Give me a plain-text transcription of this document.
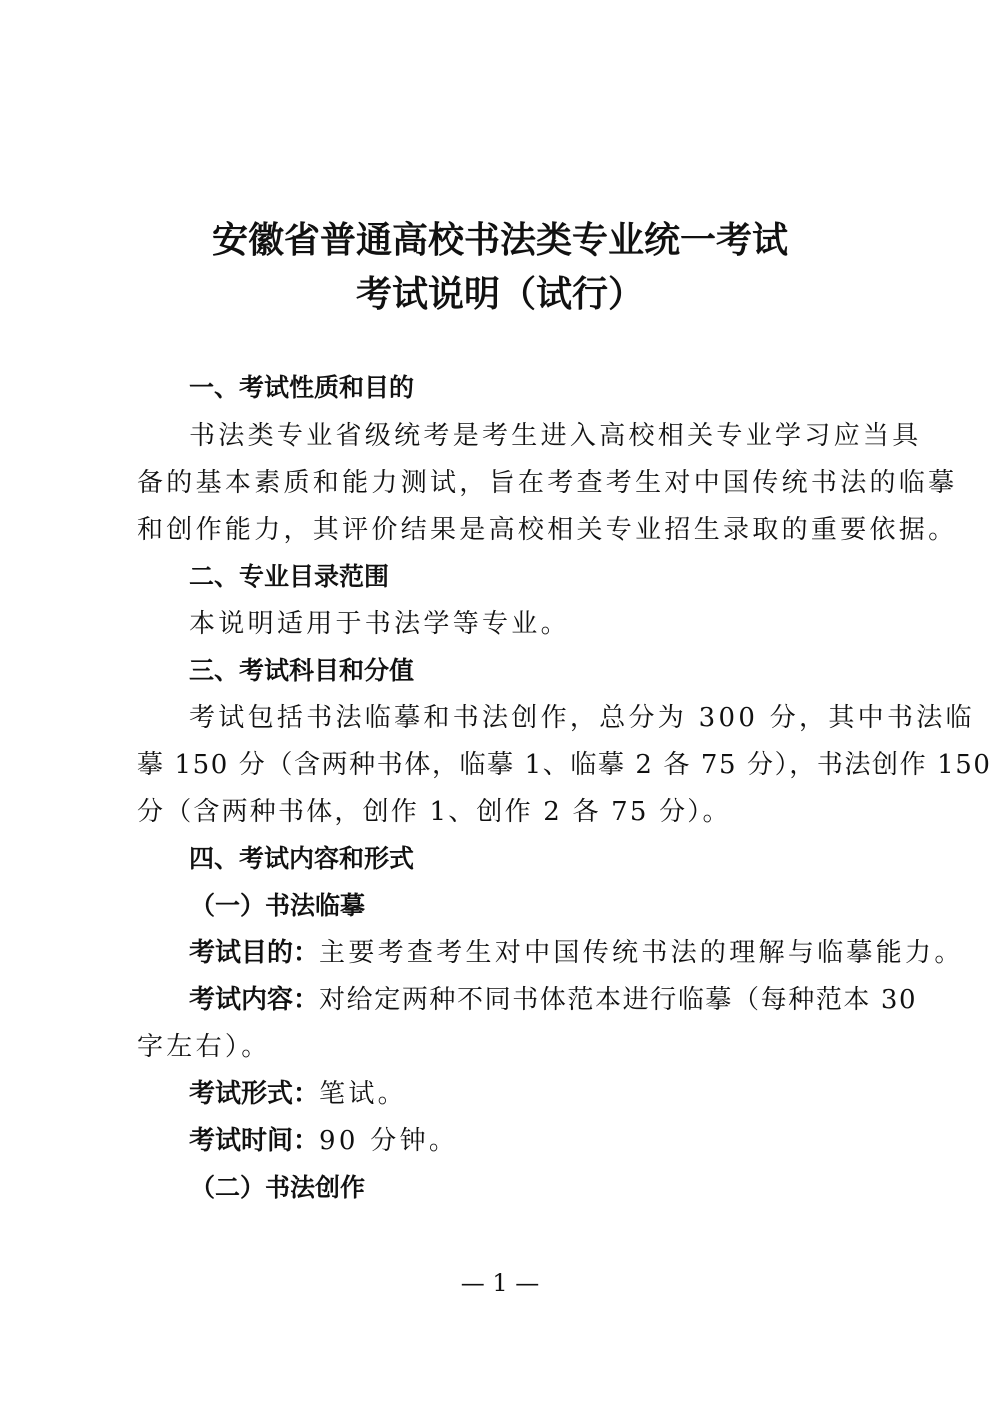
安徽省普通高校书法类专业统一考试
考试说明（试行）

一、考试性质和目的

书法类专业省级统考是考生进入高校相关专业学习应当具

备的基本素质和能力测试，旨在考查考生对中国传统书法的临摹

和创作能力，其评价结果是高校相关专业招生录取的重要依据。

二、专业目录范围

本说明适用于书法学等专业。

三、考试科目和分值

考试包括书法临摹和书法创作，总分为 300 分，其中书法临

摹 150 分（含两种书体，临摹 1、临摹 2 各 75 分），书法创作 150

分（含两种书体，创作 1、创作 2 各 75 分）。

四、考试内容和形式

（一）书法临摹

考试目的：主要考查考生对中国传统书法的理解与临摹能力。

考试内容：对给定两种不同书体范本进行临摹（每种范本 30

字左右）。

考试形式：笔试。

考试时间：90 分钟。

（二）书法创作

— 1 —
